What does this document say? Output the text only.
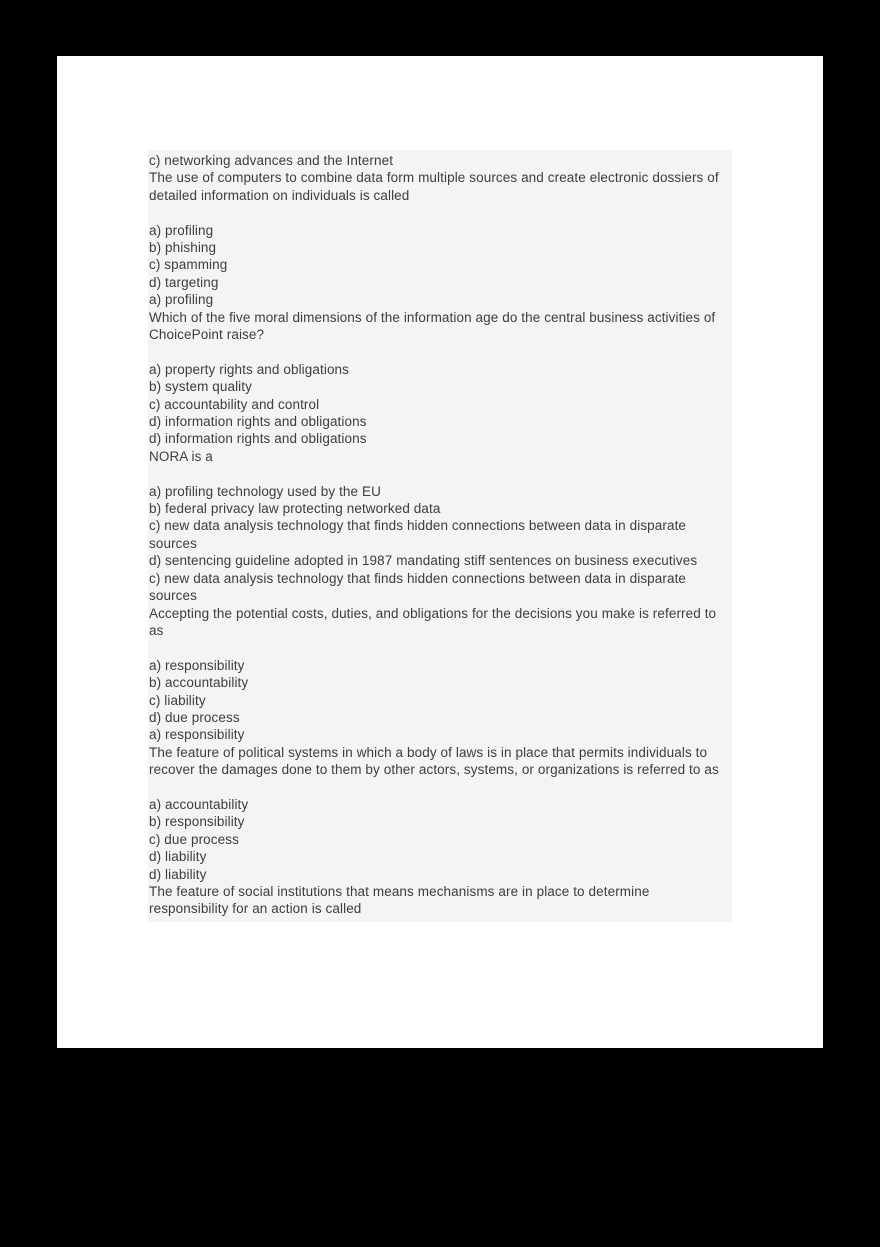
c) networking advances and the Internet
The use of computers to combine data form multiple sources and create electronic dossiers of detailed information on individuals is called
a) profiling
b) phishing
c) spamming
d) targeting
a) profiling
Which of the five moral dimensions of the information age do the central business activities of ChoicePoint raise?
a) property rights and obligations
b) system quality
c) accountability and control
d) information rights and obligations
d) information rights and obligations
NORA is a
a) profiling technology used by the EU
b) federal privacy law protecting networked data
c) new data analysis technology that finds hidden connections between data in disparate sources
d) sentencing guideline adopted in 1987 mandating stiff sentences on business executives
c) new data analysis technology that finds hidden connections between data in disparate sources
Accepting the potential costs, duties, and obligations for the decisions you make is referred to as
a) responsibility
b) accountability
c) liability
d) due process
a) responsibility
The feature of political systems in which a body of laws is in place that permits individuals to recover the damages done to them by other actors, systems, or organizations is referred to as
a) accountability
b) responsibility
c) due process
d) liability
d) liability
The feature of social institutions that means mechanisms are in place to determine responsibility for an action is called
